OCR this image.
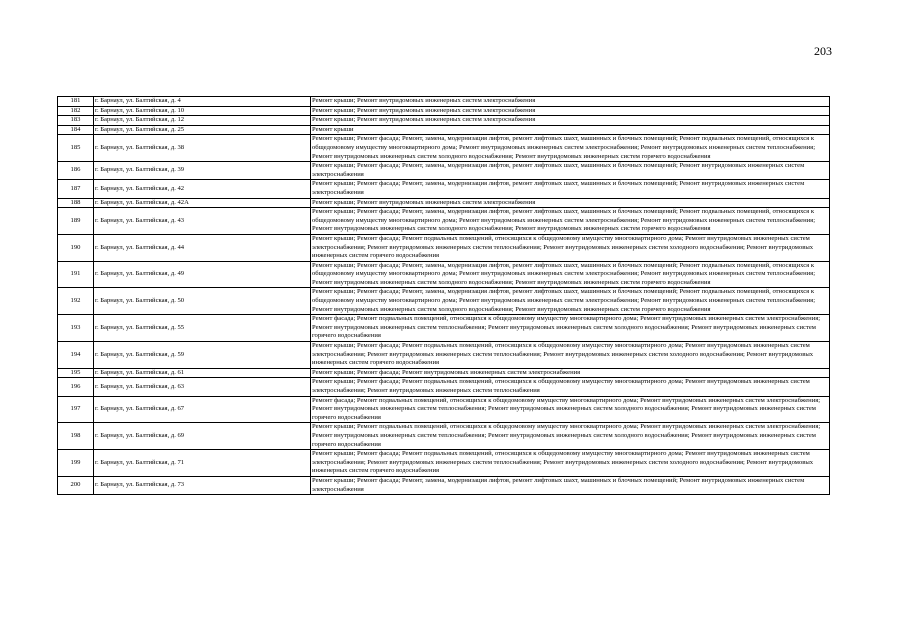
203
181	г. Барнаул, ул. Балтийская, д. 4	Ремонт крыши; Ремонт внутридомовых инженерных систем электроснабжения
182	г. Барнаул, ул. Балтийская, д. 10	Ремонт крыши; Ремонт внутридомовых инженерных систем электроснабжения
183	г. Барнаул, ул. Балтийская, д. 12	Ремонт крыши; Ремонт внутридомовых инженерных систем электроснабжения
184	г. Барнаул, ул. Балтийская, д. 25	Ремонт крыши
185	г. Барнаул, ул. Балтийская, д. 38	Ремонт крыши; Ремонт фасада; Ремонт, замена, модернизация лифтов, ремонт лифтовых шахт, машинных и блочных помещений; Ремонт подвальных помещений, относящихся к общедомовому имуществу многоквартирного дома; Ремонт внутридомовых инженерных систем электроснабжения; Ремонт внутридомовых инженерных систем теплоснабжения; Ремонт внутридомовых инженерных систем холодного водоснабжения; Ремонт внутридомовых инженерных систем горячего водоснабжения
186	г. Барнаул, ул. Балтийская, д. 39	Ремонт крыши; Ремонт фасада; Ремонт, замена, модернизация лифтов, ремонт лифтовых шахт, машинных и блочных помещений; Ремонт внутридомовых инженерных систем электроснабжения
187	г. Барнаул, ул. Балтийская, д. 42	Ремонт крыши; Ремонт фасада; Ремонт, замена, модернизация лифтов, ремонт лифтовых шахт, машинных и блочных помещений; Ремонт внутридомовых инженерных систем электроснабжения
188	г. Барнаул, ул. Балтийская, д. 42А	Ремонт крыши; Ремонт внутридомовых инженерных систем электроснабжения
189	г. Барнаул, ул. Балтийская, д. 43	Ремонт крыши; Ремонт фасада; Ремонт, замена, модернизация лифтов, ремонт лифтовых шахт, машинных и блочных помещений; Ремонт подвальных помещений, относящихся к общедомовому имуществу многоквартирного дома; Ремонт внутридомовых инженерных систем электроснабжения; Ремонт внутридомовых инженерных систем теплоснабжения; Ремонт внутридомовых инженерных систем холодного водоснабжения; Ремонт внутридомовых инженерных систем горячего водоснабжения
190	г. Барнаул, ул. Балтийская, д. 44	Ремонт крыши; Ремонт фасада; Ремонт подвальных помещений, относящихся к общедомовому имуществу многоквартирного дома; Ремонт внутридомовых инженерных систем электроснабжения; Ремонт внутридомовых инженерных систем теплоснабжения; Ремонт внутридомовых инженерных систем холодного водоснабжения; Ремонт внутридомовых инженерных систем горячего водоснабжения
191	г. Барнаул, ул. Балтийская, д. 49	Ремонт крыши; Ремонт фасада; Ремонт, замена, модернизация лифтов, ремонт лифтовых шахт, машинных и блочных помещений; Ремонт подвальных помещений, относящихся к общедомовому имуществу многоквартирного дома; Ремонт внутридомовых инженерных систем электроснабжения; Ремонт внутридомовых инженерных систем теплоснабжения; Ремонт внутридомовых инженерных систем холодного водоснабжения; Ремонт внутридомовых инженерных систем горячего водоснабжения
192	г. Барнаул, ул. Балтийская, д. 50	Ремонт крыши; Ремонт фасада; Ремонт, замена, модернизация лифтов, ремонт лифтовых шахт, машинных и блочных помещений; Ремонт подвальных помещений, относящихся к общедомовому имуществу многоквартирного дома; Ремонт внутридомовых инженерных систем электроснабжения; Ремонт внутридомовых инженерных систем теплоснабжения; Ремонт внутридомовых инженерных систем холодного водоснабжения; Ремонт внутридомовых инженерных систем горячего водоснабжения
193	г. Барнаул, ул. Балтийская, д. 55	Ремонт фасада; Ремонт подвальных помещений, относящихся к общедомовому имуществу многоквартирного дома; Ремонт внутридомовых инженерных систем электроснабжения; Ремонт внутридомовых инженерных систем теплоснабжения; Ремонт внутридомовых инженерных систем холодного водоснабжения; Ремонт внутридомовых инженерных систем горячего водоснабжения
194	г. Барнаул, ул. Балтийская, д. 59	Ремонт крыши; Ремонт фасада; Ремонт подвальных помещений, относящихся к общедомовому имуществу многоквартирного дома; Ремонт внутридомовых инженерных систем электроснабжения; Ремонт внутридомовых инженерных систем теплоснабжения; Ремонт внутридомовых инженерных систем холодного водоснабжения; Ремонт внутридомовых инженерных систем горячего водоснабжения
195	г. Барнаул, ул. Балтийская, д. 61	Ремонт крыши; Ремонт фасада; Ремонт внутридомовых инженерных систем электроснабжения
196	г. Барнаул, ул. Балтийская, д. 63	Ремонт крыши; Ремонт фасада; Ремонт подвальных помещений, относящихся к общедомовому имуществу многоквартирного дома; Ремонт внутридомовых инженерных систем электроснабжения; Ремонт внутридомовых инженерных систем теплоснабжения
197	г. Барнаул, ул. Балтийская, д. 67	Ремонт фасада; Ремонт подвальных помещений, относящихся к общедомовому имуществу многоквартирного дома; Ремонт внутридомовых инженерных систем электроснабжения; Ремонт внутридомовых инженерных систем теплоснабжения; Ремонт внутридомовых инженерных систем холодного водоснабжения; Ремонт внутридомовых инженерных систем горячего водоснабжения
198	г. Барнаул, ул. Балтийская, д. 69	Ремонт крыши; Ремонт подвальных помещений, относящихся к общедомовому имуществу многоквартирного дома; Ремонт внутридомовых инженерных систем электроснабжения; Ремонт внутридомовых инженерных систем теплоснабжения; Ремонт внутридомовых инженерных систем холодного водоснабжения; Ремонт внутридомовых инженерных систем горячего водоснабжения
199	г. Барнаул, ул. Балтийская, д. 71	Ремонт крыши; Ремонт фасада; Ремонт подвальных помещений, относящихся к общедомовому имуществу многоквартирного дома; Ремонт внутридомовых инженерных систем электроснабжения; Ремонт внутридомовых инженерных систем теплоснабжения; Ремонт внутридомовых инженерных систем холодного водоснабжения; Ремонт внутридомовых инженерных систем горячего водоснабжения
200	г. Барнаул, ул. Балтийская, д. 73	Ремонт крыши; Ремонт фасада; Ремонт, замена, модернизация лифтов, ремонт лифтовых шахт, машинных и блочных помещений; Ремонт внутридомовых инженерных систем электроснабжения
